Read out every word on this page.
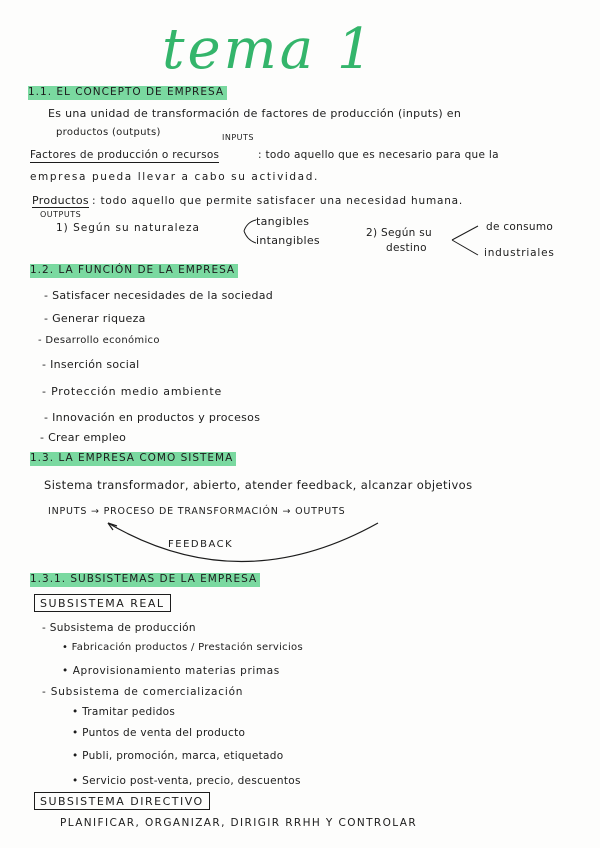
tema 1
1.1. EL CONCEPTO DE EMPRESA
Es una unidad de transformación de factores de producción (inputs) en
productos (outputs)	INPUTS
Factores de producción o recursos	: todo aquello que es necesario para que la
empresa pueda llevar a cabo su actividad.
Productos : todo aquello que permite satisfacer una necesidad humana.
OUTPUTS
1) Según su naturaleza	tangibles
intangibles
2) Según su
destino
de consumo
industriales
1.2. LA FUNCIÓN DE LA EMPRESA
- Satisfacer necesidades de la sociedad
- Generar riqueza
- Desarrollo económico
- Inserción social
- Protección medio ambiente
- Innovación en productos y procesos
- Crear empleo
1.3. LA EMPRESA COMO SISTEMA
Sistema transformador, abierto, atender feedback, alcanzar objetivos
INPUTS → PROCESO DE TRANSFORMACIÓN → OUTPUTS
FEEDBACK
1.3.1. SUBSISTEMAS DE LA EMPRESA
SUBSISTEMA REAL
- Subsistema de producción
• Fabricación productos / Prestación servicios
• Aprovisionamiento materias primas
- Subsistema de comercialización
• Tramitar pedidos
• Puntos de venta del producto
• Publi, promoción, marca, etiquetado
• Servicio post-venta, precio, descuentos
SUBSISTEMA DIRECTIVO
PLANIFICAR, ORGANIZAR, DIRIGIR RRHH Y CONTROLAR
